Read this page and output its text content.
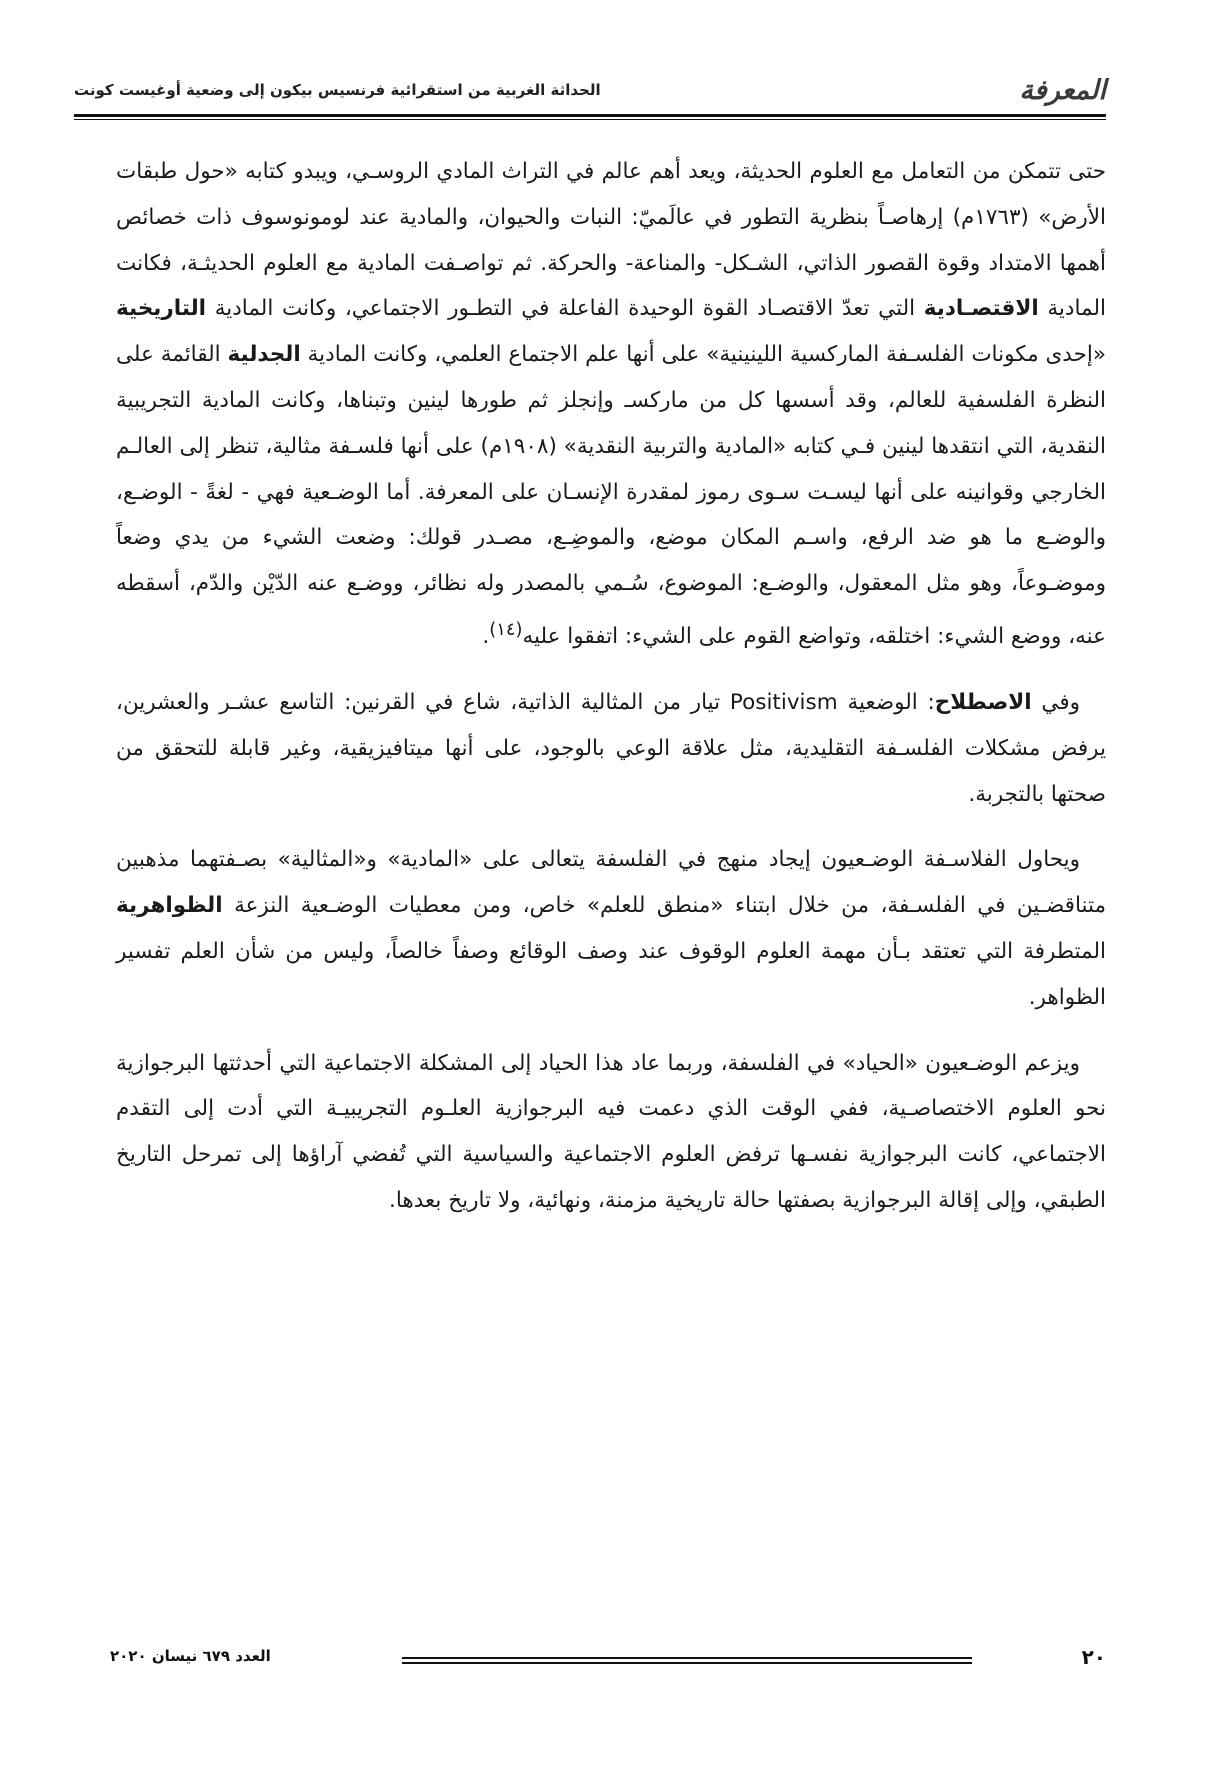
المعرفة
الحداثة الغربية من استقرائية فرنسيس بيكون إلى وضعية أوغيست كونت

حتى تتمكن من التعامل مع العلوم الحديثة، ويعد أهم عالم في التراث المادي الروسـي، ويبدو كتابه «حول طبقات الأرض» (١٧٦٣م) إرهاصـاً بنظرية التطور في عالَميّ: النبات والحيوان، والمادية عند لومونوسوف ذات خصائص أهمها الامتداد وقوة القصور الذاتي، الشـكل- والمناعة- والحركة. ثم تواصـفت المادية مع العلوم الحديثـة، فكانت المادية الاقتصـادية التي تعدّ الاقتصـاد القوة الوحيدة الفاعلة في التطـور الاجتماعي، وكانت المادية التاريخية «إحدى مكونات الفلسـفة الماركسية اللينينية» على أنها علم الاجتماع العلمي، وكانت المادية الجدلية القائمة على النظرة الفلسفية للعالم، وقد أسسها كل من ماركسـ وإنجلز ثم طورها لينين وتبناها، وكانت المادية التجريبية النقدية، التي انتقدها لينين فـي كتابه «المادية والتربية النقدية» (١٩٠٨م) على أنها فلسـفة مثالية، تنظر إلى العالـم الخارجي وقوانينه على أنها ليسـت سـوى رموز لمقدرة الإنسـان على المعرفة. أما الوضـعية فهي - لغةً - الوضـع، والوضـع ما هو ضد الرفع، واسـم المكان موضع، والموضِـع، مصـدر قولك: وضعت الشيء من يدي وضعاً وموضـوعاً، وهو مثل المعقول، والوضـع: الموضوع، سُـمي بالمصدر وله نظائر، ووضـع عنه الدّيْن والدّم، أسقطه عنه، ووضع الشيء: اختلقه، وتواضع القوم على الشيء: اتفقوا عليه$^{(١٤)}$.

وفي الاصطلاح: الوضعية Positivism تيار من المثالية الذاتية، شاع في القرنين: التاسع عشـر والعشرين، يرفض مشكلات الفلسـفة التقليدية، مثل علاقة الوعي بالوجود، على أنها ميتافيزيقية، وغير قابلة للتحقق من صحتها بالتجربة.

ويحاول الفلاسـفة الوضـعيون إيجاد منهج في الفلسفة يتعالى على «المادية» و«المثالية» بصـفتهما مذهبين متناقضـين في الفلسـفة، من خلال ابتناء «منطق للعلم» خاص، ومن معطيات الوضـعية النزعة الظواهرية المتطرفة التي تعتقد بـأن مهمة العلوم الوقوف عند وصف الوقائع وصفاً خالصاً، وليس من شأن العلم تفسير الظواهر.

ويزعم الوضـعيون «الحياد» في الفلسفة، وربما عاد هذا الحياد إلى المشكلة الاجتماعية التي أحدثتها البرجوازية نحو العلوم الاختصاصـية، ففي الوقت الذي دعمت فيه البرجوازية العلـوم التجريبيـة التي أدت إلى التقدم الاجتماعي، كانت البرجوازية نفسـها ترفض العلوم الاجتماعية والسياسية التي تُفضي آراؤها إلى تمرحل التاريخ الطبقي، وإلى إقالة البرجوازية بصفتها حالة تاريخية مزمنة، ونهائية، ولا تاريخ بعدها.

٢٠
العدد ٦٧٩ نيسان ٢٠٢٠
